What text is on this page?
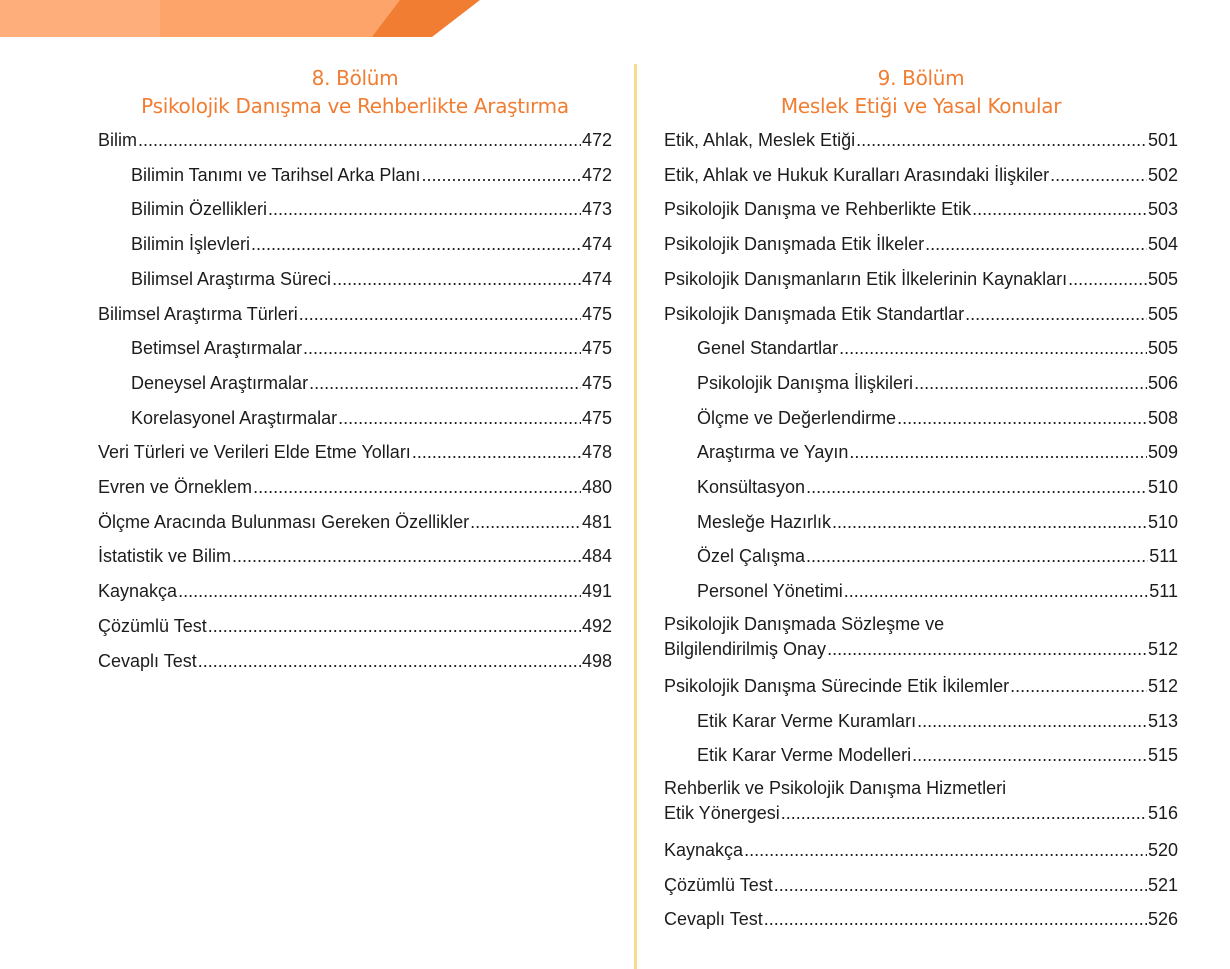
8. Bölüm
Psikolojik Danışma ve Rehberlikte Araştırma
Bilim .....	472
Bilimin Tanımı ve Tarihsel Arka Planı .....	472
Bilimin Özellikleri .....	473
Bilimin İşlevleri .....	474
Bilimsel Araştırma Süreci .....	474
Bilimsel Araştırma Türleri .....	475
Betimsel Araştırmalar .....	475
Deneysel Araştırmalar .....	475
Korelasyonel Araştırmalar .....	475
Veri Türleri ve Verileri Elde Etme Yolları .....	478
Evren ve Örneklem .....	480
Ölçme Aracında Bulunması Gereken Özellikler .....	481
İstatistik ve Bilim .....	484
Kaynakça .....	491
Çözümlü Test .....	492
Cevaplı Test .....	498
9. Bölüm
Meslek Etiği ve Yasal Konular
Etik, Ahlak, Meslek Etiği .....	501
Etik, Ahlak ve Hukuk Kuralları Arasındaki İlişkiler .....	502
Psikolojik Danışma ve Rehberlikte Etik .....	503
Psikolojik Danışmada Etik İlkeler .....	504
Psikolojik Danışmanların Etik İlkelerinin Kaynakları .....	505
Psikolojik Danışmada Etik Standartlar .....	505
Genel Standartlar .....	505
Psikolojik Danışma İlişkileri .....	506
Ölçme ve Değerlendirme .....	508
Araştırma ve Yayın .....	509
Konsültasyon .....	510
Mesleğe Hazırlık .....	510
Özel Çalışma .....	511
Personel Yönetimi .....	511
Psikolojik Danışmada Sözleşme ve
Bilgilendirilmiş Onay .....	512
Psikolojik Danışma Sürecinde Etik İkilemler .....	512
Etik Karar Verme Kuramları .....	513
Etik Karar Verme Modelleri .....	515
Rehberlik ve Psikolojik Danışma Hizmetleri
Etik Yönergesi .....	516
Kaynakça .....	520
Çözümlü Test .....	521
Cevaplı Test .....	526
